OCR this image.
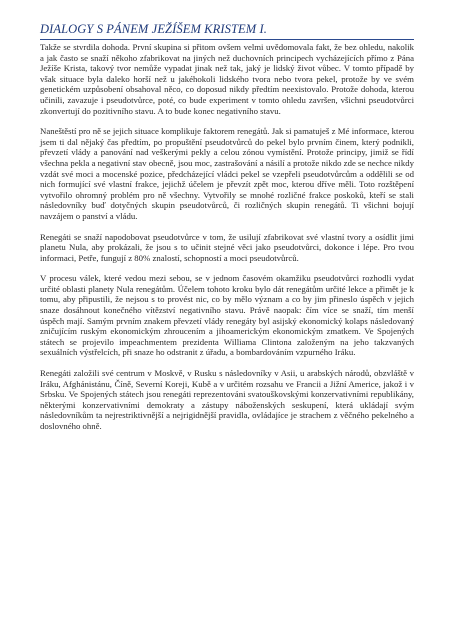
DIALOGY S PÁNEM JEŽÍŠEM KRISTEM I.

Takže se stvrdila dohoda. První skupina si přitom ovšem velmi uvědomovala fakt, že bez ohledu, nakolik a jak často se snaží někoho zfabrikovat na jiných než duchovních principech vycházejících přímo z Pána Ježíše Krista, takový tvor nemůže vypadat jinak než tak, jaký je lidský život vůbec. V tomto případě by však situace byla daleko horší než u jakéhokoli lidského tvora nebo tvora pekel, protože by ve svém genetickém uzpůsobení obsahoval něco, co doposud nikdy předtím neexistovalo. Protože dohoda, kterou učinili, zavazuje i pseudotvůrce, poté, co bude experiment v tomto ohledu završen, všichni pseudotvůrci zkonvertují do pozitivního stavu. A to bude konec negativního stavu.

Naneštěstí pro ně se jejich situace komplikuje faktorem renegátů. Jak si pamatuješ z Mé informace, kterou jsem ti dal nějaký čas předtím, po propuštění pseudotvůrců do pekel bylo prvním činem, který podnikli, převzetí vlády a panování nad veškerými pekly a celou zónou vymístění. Protože principy, jimiž se řídí všechna pekla a negativní stav obecně, jsou moc, zastrašování a násilí a protože nikdo zde se nechce nikdy vzdát své moci a mocenské pozice, předcházející vládci pekel se vzepřeli pseudotvůrcům a oddělili se od nich formující své vlastní frakce, jejichž účelem je převzít zpět moc, kterou dříve měli. Toto rozštěpení vytvořilo ohromný problém pro ně všechny. Vytvořily se mnohé rozličné frakce poskoků, kteří se stali následovníky buď dotyčných skupin pseudotvůrců, či rozličných skupin renegátů. Ti všichni bojují navzájem o panství a vládu.

Renegáti se snaží napodobovat pseudotvůrce v tom, že usilují zfabrikovat své vlastní tvory a osídlit jimi planetu Nula, aby prokázali, že jsou s to učinit stejné věci jako pseudotvůrci, dokonce i lépe. Pro tvou informaci, Petře, fungují z 80% znalostí, schopností a moci pseudotvůrců.

V procesu válek, které vedou mezi sebou, se v jednom časovém okamžiku pseudotvůrci rozhodli vydat určité oblasti planety Nula renegátům. Účelem tohoto kroku bylo dát renegátům určité lekce a přimět je k tomu, aby připustili, že nejsou s to provést nic, co by mělo význam a co by jim přineslo úspěch v jejich snaze dosáhnout konečného vítězství negativního stavu. Právě naopak: čím více se snaží, tím menší úspěch mají. Samým prvním znakem převzetí vlády renegáty byl asijský ekonomický kolaps následovaný zničujícím ruským ekonomickým zhroucením a jihoamerickým ekonomickým zmatkem. Ve Spojených státech se projevilo impeachmentem prezidenta Williama Clintona založeným na jeho takzvaných sexuálních výstřelcích, při snaze ho odstranit z úřadu, a bombardováním vzpurného Iráku.

Renegáti založili své centrum v Moskvě, v Rusku s následovníky v Asii, u arabských národů, obzvláště v Iráku, Afghánistánu, Číně, Severní Koreji, Kubě a v určitém rozsahu ve Francii a Jižní Americe, jakož i v Srbsku. Ve Spojených státech jsou renegáti reprezentováni svatouškovskými konzervativními republikány, některými konzervativními demokraty a zástupy náboženských seskupení, která ukládají svým následovníkům ta nejrestriktivnější a nejrigidnější pravidla, ovládajíce je strachem z věčného pekelného a doslovného ohně.
